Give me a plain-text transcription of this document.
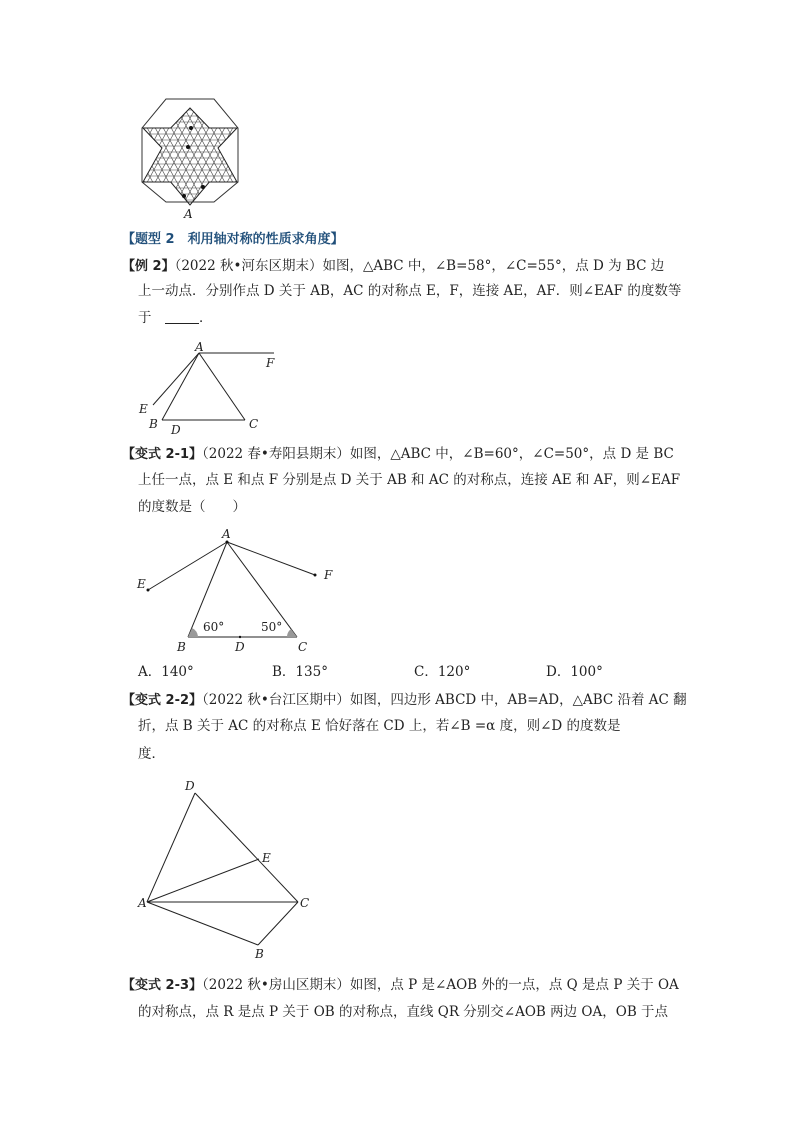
A
【题型 2　利用轴对称的性质求角度】
【例 2】（2022 秋•河东区期末）如图，△ABC 中，∠B=58°，∠C=55°，点 D 为 BC 边
上一动点．分别作点 D 关于 AB，AC 的对称点 E，F，连接 AE，AF．则∠EAF 的度数等
于　	．
A
F
E
B D	C
【变式 2-1】（2022 春•寿阳县期末）如图，△ABC 中，∠B=60°，∠C=50°，点 D 是 BC
上任一点，点 E 和点 F 分别是点 D 关于 AB 和 AC 的对称点，连接 AE 和 AF，则∠EAF
的度数是（　　）
A
E
F
B	D	C
60°	50°
A．140°	B．135°	C．120°	D．100°
【变式 2-2】（2022 秋•台江区期中）如图，四边形 ABCD 中，AB=AD，△ABC 沿着 AC 翻
折，点 B 关于 AC 的对称点 E 恰好落在 CD 上，若∠B =α 度，则∠D 的度数是
度．
D
E
A	C
B
【变式 2-3】（2022 秋•房山区期末）如图，点 P 是∠AOB 外的一点，点 Q 是点 P 关于 OA
的对称点，点 R 是点 P 关于 OB 的对称点，直线 QR 分别交∠AOB 两边 OA，OB 于点
